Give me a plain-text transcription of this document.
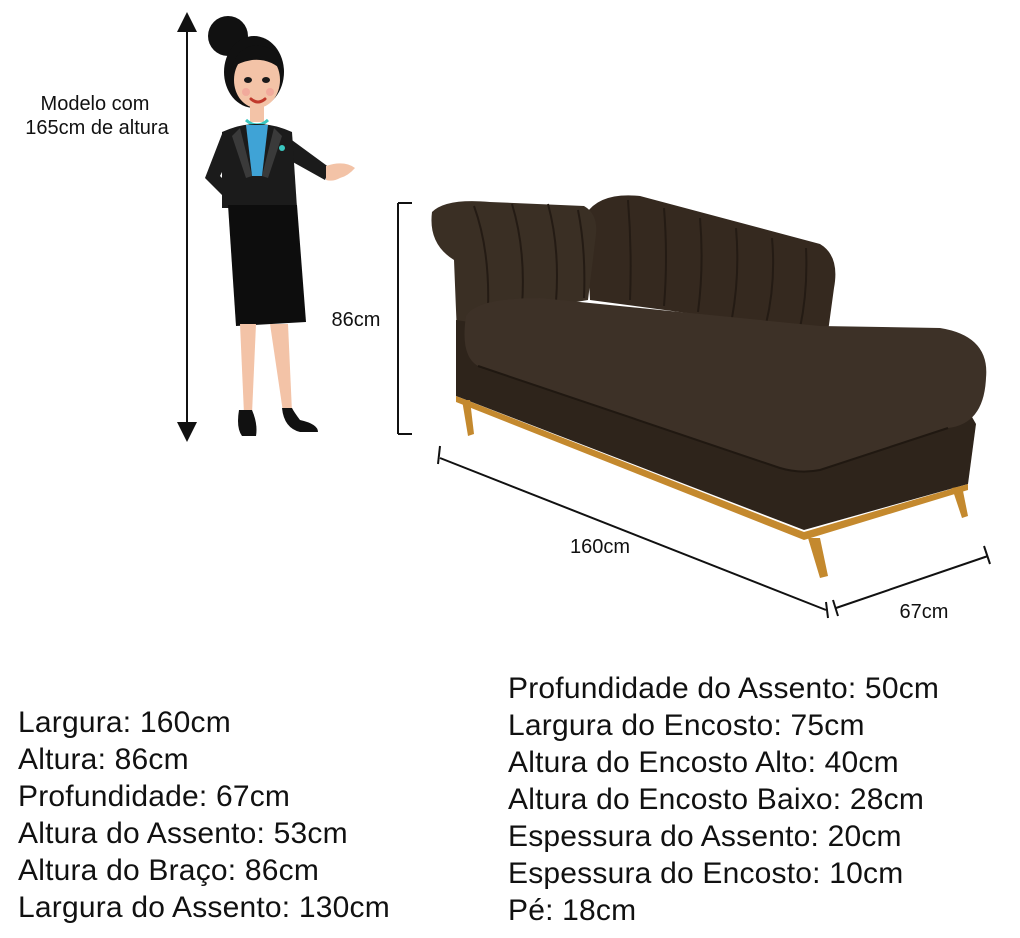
Modelo com
165cm de altura
86cm
160cm
67cm
Largura: 160cm
Altura: 86cm
Profundidade: 67cm
Altura do Assento: 53cm
Altura do Braço: 86cm
Largura do Assento: 130cm
Profundidade do Assento: 50cm
Largura do Encosto: 75cm
Altura do Encosto Alto: 40cm
Altura do Encosto Baixo: 28cm
Espessura do Assento: 20cm
Espessura do Encosto: 10cm
Pé: 18cm
